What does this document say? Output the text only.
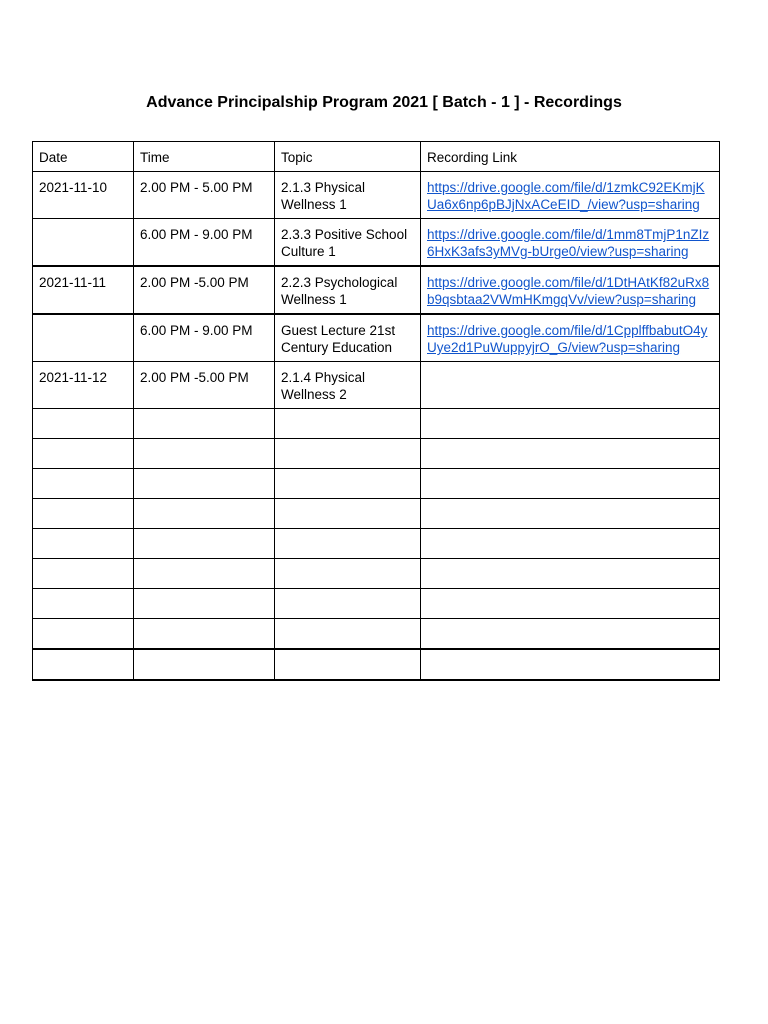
Advance Principalship Program 2021 [ Batch - 1 ] - Recordings
Date	Time	Topic	Recording Link
2021-11-10	2.00 PM - 5.00 PM	2.1.3 Physical Wellness 1	https://drive.google.com/file/d/1zmkC92EKmjKUa6x6np6pBJjNxACeEID_/view?usp=sharing
	6.00 PM - 9.00 PM	2.3.3 Positive School Culture 1	https://drive.google.com/file/d/1mm8TmjP1nZIz6HxK3afs3yMVg-bUrge0/view?usp=sharing
2021-11-11	2.00 PM -5.00 PM	2.2.3 Psychological Wellness 1	https://drive.google.com/file/d/1DtHAtKf82uRx8b9qsbtaa2VWmHKmgqVv/view?usp=sharing
	6.00 PM - 9.00 PM	Guest Lecture 21st Century Education	https://drive.google.com/file/d/1CpplffbabutO4yUye2d1PuWuppyjrO_G/view?usp=sharing
2021-11-12	2.00 PM -5.00 PM	2.1.4 Physical Wellness 2	
